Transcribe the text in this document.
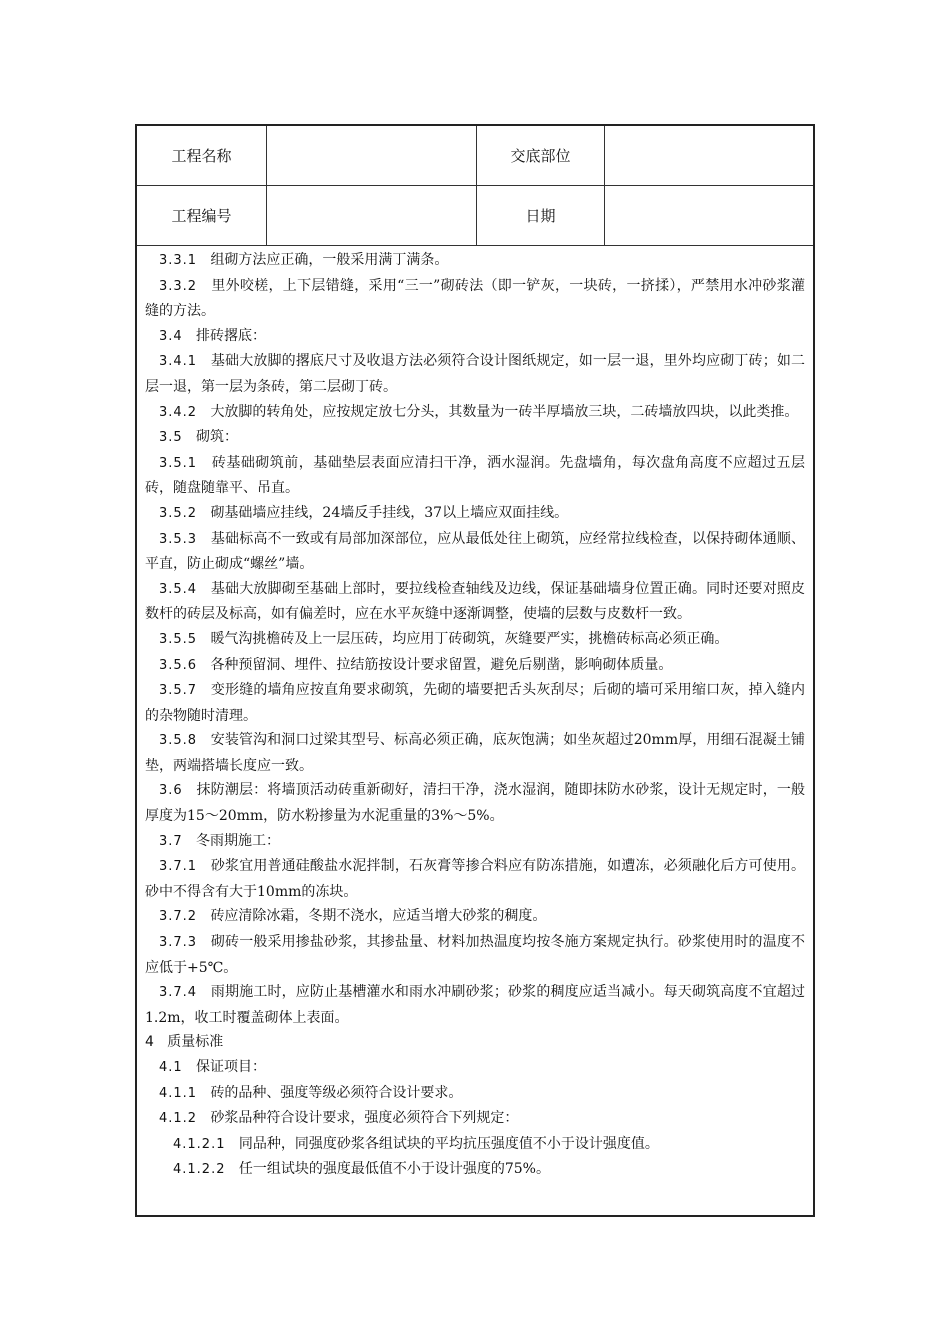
工程名称	交底部位
工程编号	日期

3.3.1 组砌方法应正确，一般采用满丁满条。

3.3.2 里外咬槎，上下层错缝，采用“三一”砌砖法（即一铲灰，一块砖，一挤揉），严禁用水冲砂浆灌缝的方法。

3.4 排砖撂底：

3.4.1 基础大放脚的撂底尺寸及收退方法必须符合设计图纸规定，如一层一退，里外均应砌丁砖；如二层一退，第一层为条砖，第二层砌丁砖。

3.4.2 大放脚的转角处，应按规定放七分头，其数量为一砖半厚墙放三块，二砖墙放四块，以此类推。

3.5 砌筑：

3.5.1 砖基础砌筑前，基础垫层表面应清扫干净，洒水湿润。先盘墙角，每次盘角高度不应超过五层砖，随盘随靠平、吊直。

3.5.2 砌基础墙应挂线，24墙反手挂线，37以上墙应双面挂线。

3.5.3 基础标高不一致或有局部加深部位，应从最低处往上砌筑，应经常拉线检查，以保持砌体通顺、平直，防止砌成“螺丝”墙。

3.5.4 基础大放脚砌至基础上部时，要拉线检查轴线及边线，保证基础墙身位置正确。同时还要对照皮数杆的砖层及标高，如有偏差时，应在水平灰缝中逐渐调整，使墙的层数与皮数杆一致。

3.5.5 暖气沟挑檐砖及上一层压砖，均应用丁砖砌筑，灰缝要严实，挑檐砖标高必须正确。

3.5.6 各种预留洞、埋件、拉结筋按设计要求留置，避免后剔凿，影响砌体质量。

3.5.7 变形缝的墙角应按直角要求砌筑，先砌的墙要把舌头灰刮尽；后砌的墙可采用缩口灰，掉入缝内的杂物随时清理。

3.5.8 安装管沟和洞口过梁其型号、标高必须正确，底灰饱满；如坐灰超过20mm厚，用细石混凝土铺垫，两端搭墙长度应一致。

3.6 抹防潮层：将墙顶活动砖重新砌好，清扫干净，浇水湿润，随即抹防水砂浆，设计无规定时，一般厚度为15～20mm，防水粉掺量为水泥重量的3%～5%。

3.7 冬雨期施工：

3.7.1 砂浆宜用普通硅酸盐水泥拌制，石灰膏等掺合料应有防冻措施，如遭冻，必须融化后方可使用。砂中不得含有大于10mm的冻块。

3.7.2 砖应清除冰霜，冬期不浇水，应适当增大砂浆的稠度。

3.7.3 砌砖一般采用掺盐砂浆，其掺盐量、材料加热温度均按冬施方案规定执行。砂浆使用时的温度不应低于+5℃。

3.7.4 雨期施工时，应防止基槽灌水和雨水冲刷砂浆；砂浆的稠度应适当减小。每天砌筑高度不宜超过1.2m，收工时覆盖砌体上表面。

4 质量标准

4.1 保证项目：

4.1.1 砖的品种、强度等级必须符合设计要求。

4.1.2 砂浆品种符合设计要求，强度必须符合下列规定：

4.1.2.1 同品种，同强度砂浆各组试块的平均抗压强度值不小于设计强度值。

4.1.2.2 任一组试块的强度最低值不小于设计强度的75%。
